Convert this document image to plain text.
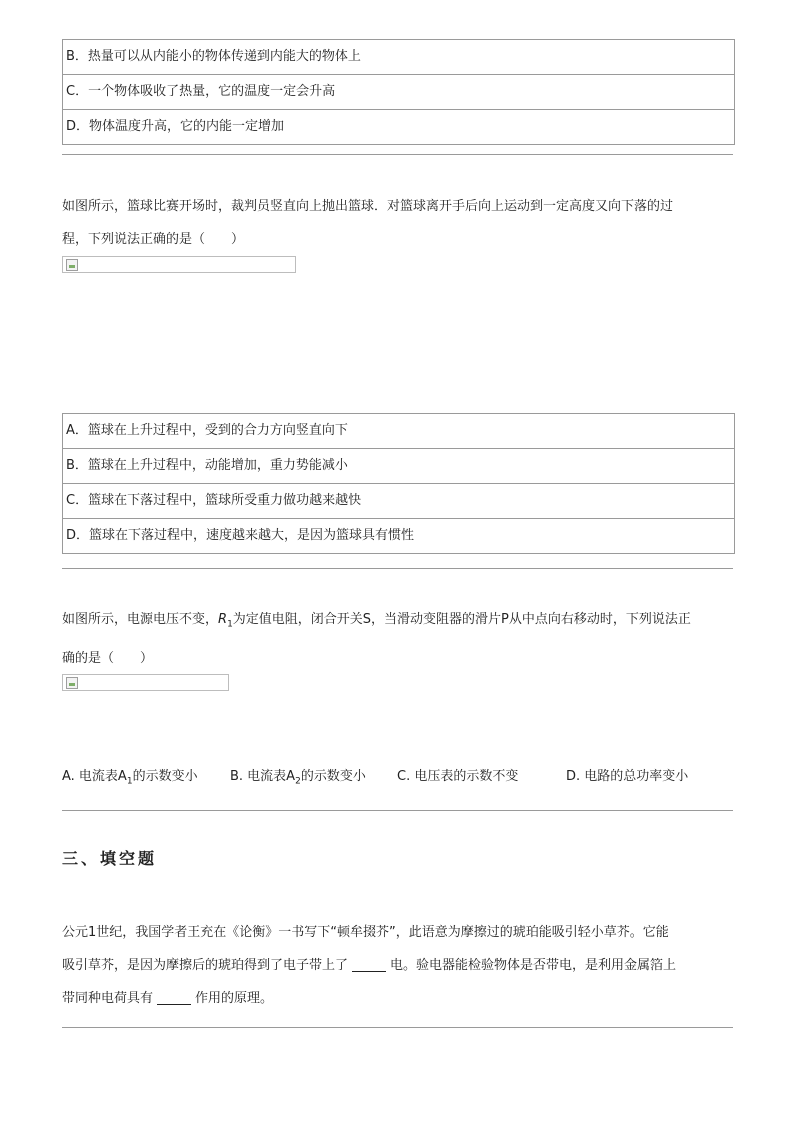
B．热量可以从内能小的物体传递到内能大的物体上
C．一个物体吸收了热量，它的温度一定会升高
D．物体温度升高，它的内能一定增加

如图所示，篮球比赛开场时，裁判员竖直向上抛出篮球．对篮球离开手后向上运动到一定高度又向下落的过
程，下列说法正确的是（　　）

A．篮球在上升过程中，受到的合力方向竖直向下
B．篮球在上升过程中，动能增加，重力势能减小
C．篮球在下落过程中，篮球所受重力做功越来越快
D．篮球在下落过程中，速度越来越大，是因为篮球具有惯性

如图所示，电源电压不变，$R_1$为定值电阻，闭合开关S，当滑动变阻器的滑片P从中点向右移动时，下列说法正
确的是（　　）

A. 电流表$A_1$的示数变小 B. 电流表$A_2$的示数变小 C. 电压表的示数不变	D. 电路的总功率变小
三、填空题

公元1世纪，我国学者王充在《论衡》一书写下“顿牟掇芥”，此语意为摩擦过的琥珀能吸引轻小草芥。它能
吸引草芥，是因为摩擦后的琥珀得到了电子带上了	电。验电器能检验物体是否带电，是利用金属箔上
带同种电荷具有	作用的原理。
